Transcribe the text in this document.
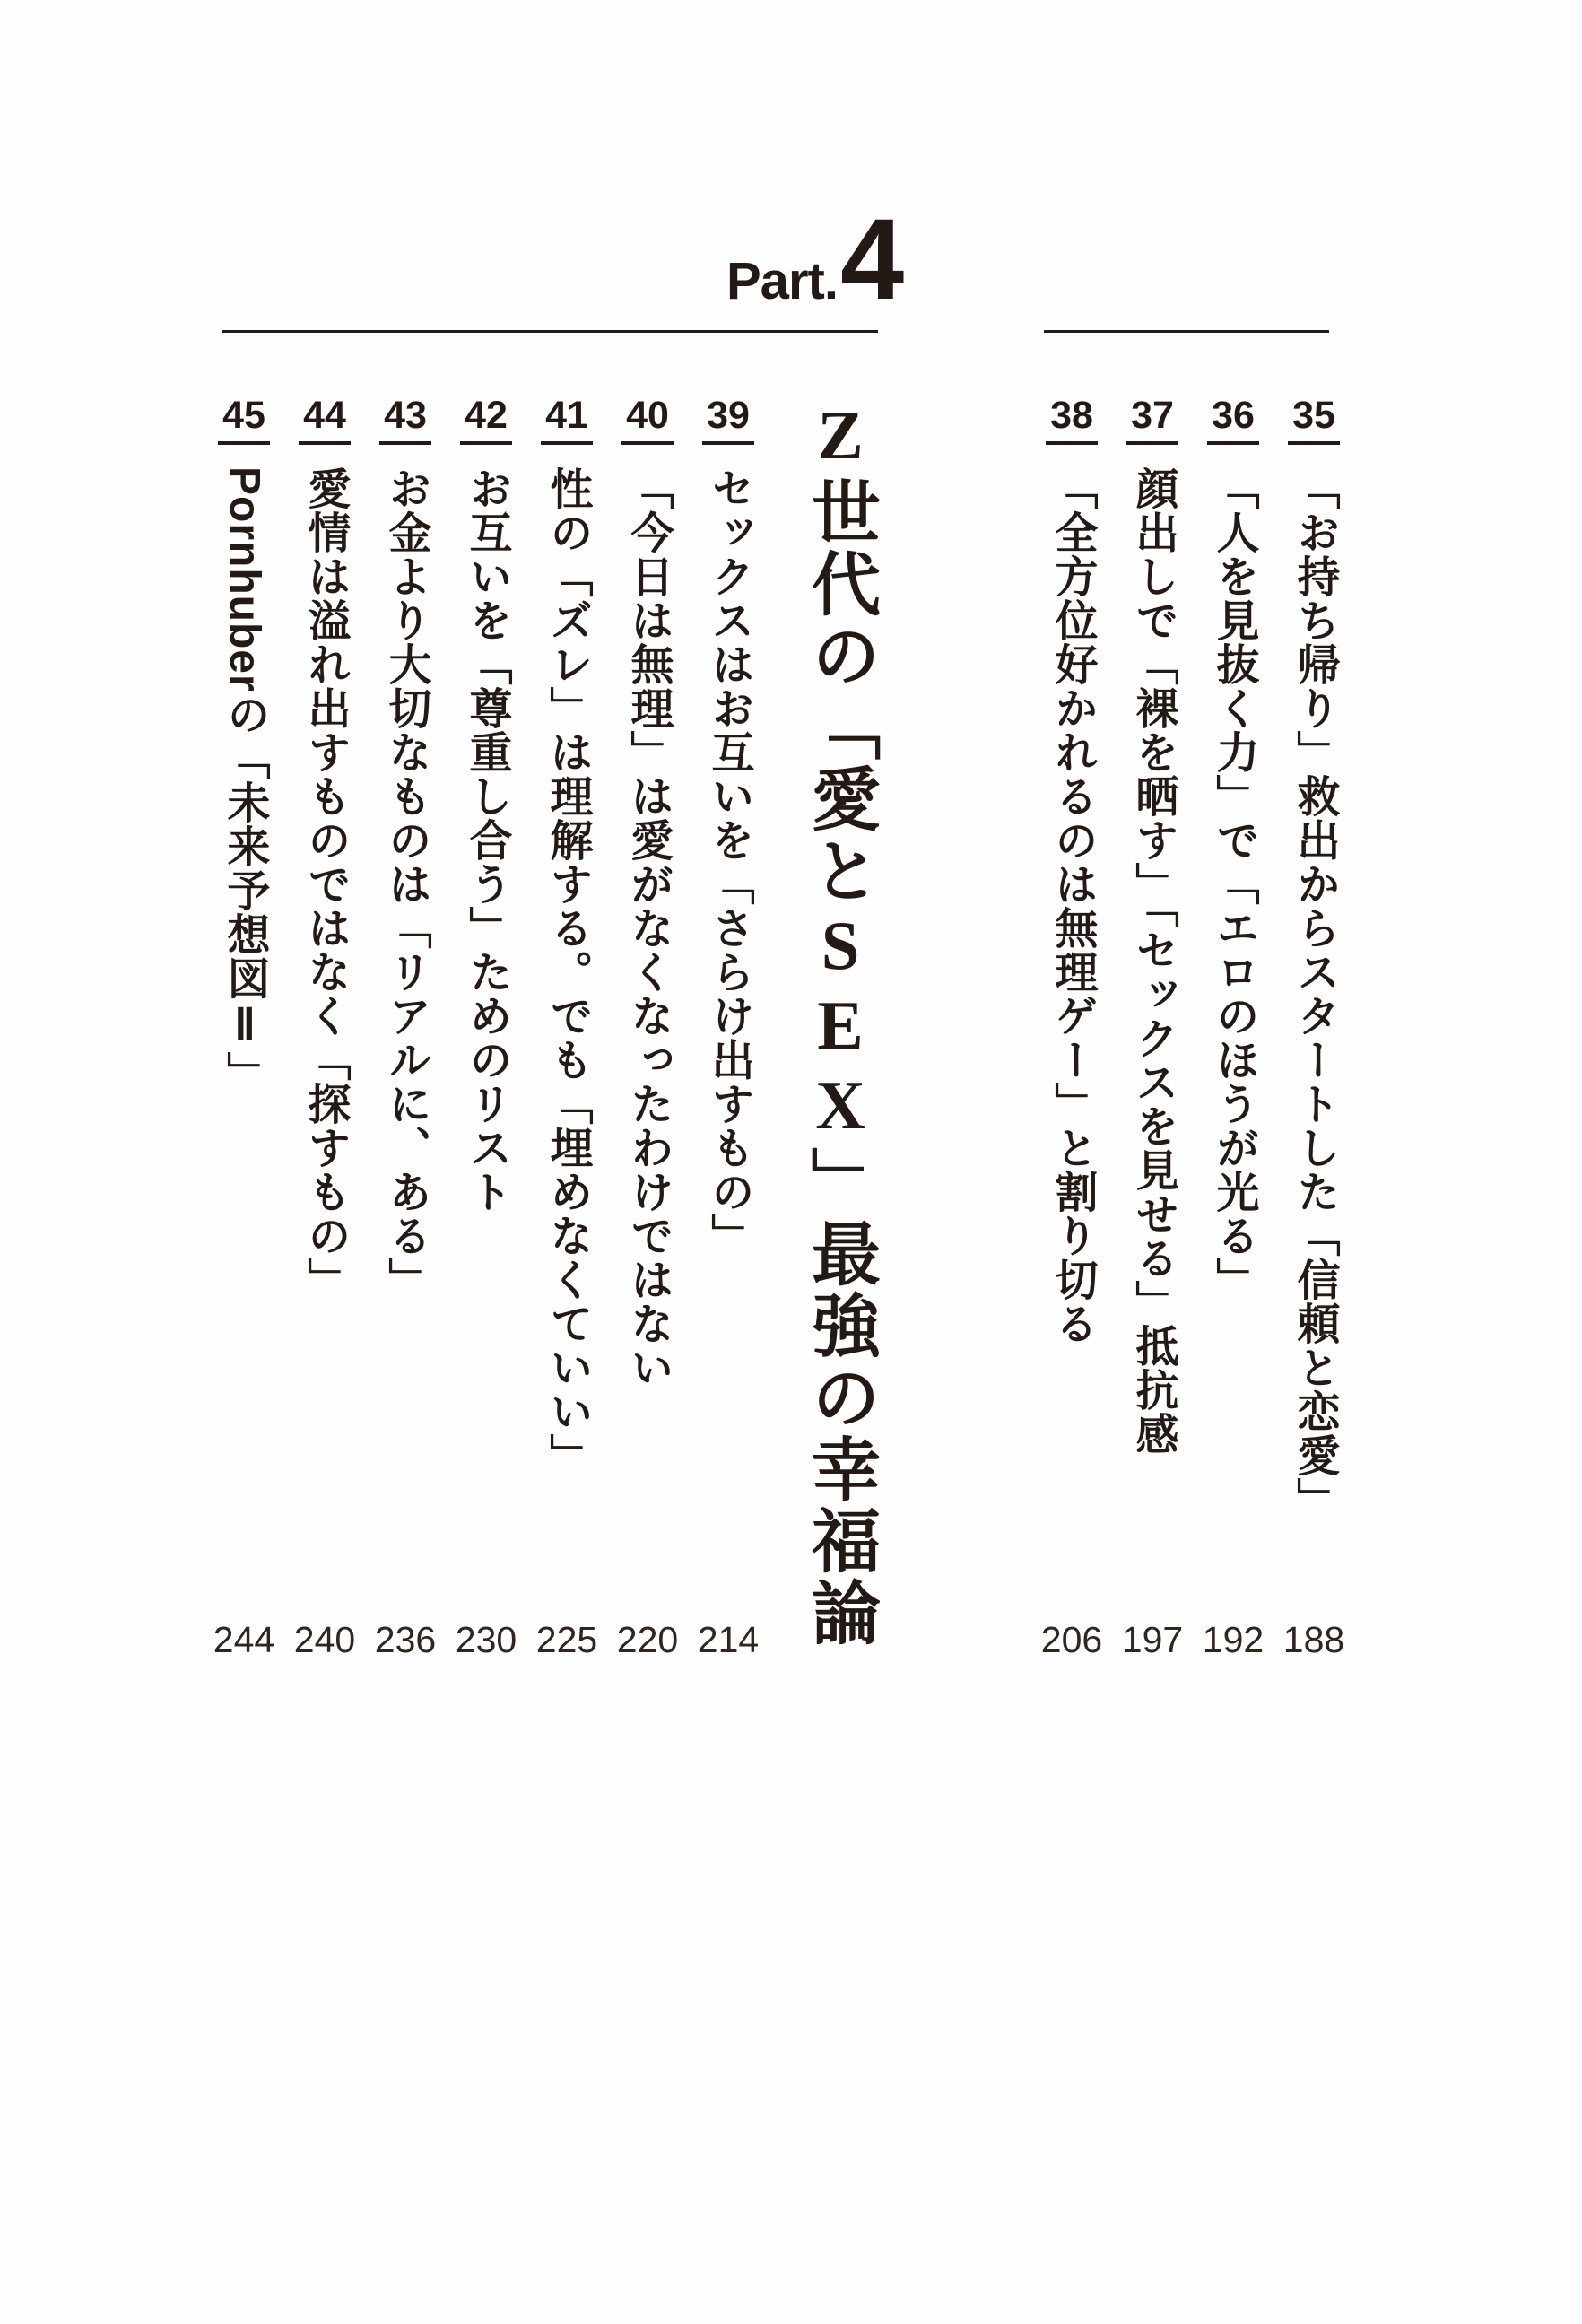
Part.4
Z世代の「愛とSEX」最強の幸福論	35
「お持ち帰り」救出からスタートした「信頼と恋愛」
36
「人を見抜く力」で「エロのほうが光る」
37
顔出しで「裸を晒す」「セックスを見せる」抵抗感
38
「全方位好かれるのは無理ゲー」と割り切る
39
セックスはお互いを「さらけ出すもの」
40
「今日は無理」は愛がなくなったわけではない
41
性の「ズレ」は理解する。でも「埋めなくていい」
42
お互いを「尊重し合う」ためのリスト
43
お金より大切なものは「リアルに、ある」
44
愛情は溢れ出すものではなく「探すもの」
45
Pornhuberの「未来予想図Ⅱ」
188
192
197
206
214
220
225
230
236
240
244
